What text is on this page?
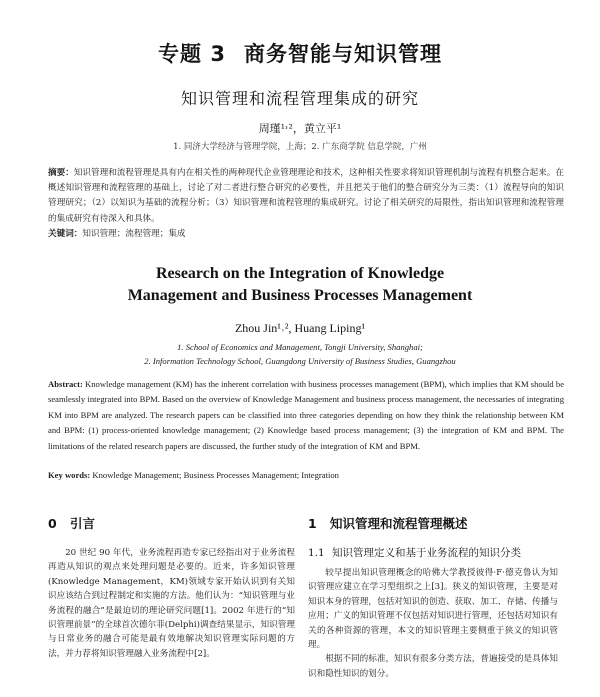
专题 3 商务智能与知识管理
知识管理和流程管理集成的研究
周瑾¹˒²，黄立平¹
1. 同济大学经济与管理学院，上海；2. 广东商学院 信息学院，广州
摘要：知识管理和流程管理是具有内在相关性的两种现代企业管理理论和技术，这种相关性要求将知识管理机制与流程有机整合起来。在概述知识管理和流程管理的基础上，讨论了对二者进行整合研究的必要性，并且把关于他们的整合研究分为三类：（1）流程导向的知识管理研究；（2）以知识为基础的流程分析；（3）知识管理和流程管理的集成研究。讨论了相关研究的局限性，指出知识管理和流程管理的集成研究有待深入和具体。
关键词：知识管理；流程管理；集成
Research on the Integration of Knowledge
Management and Business Processes Management
Zhou Jin¹˒², Huang Liping¹
1. School of Economics and Management, Tongji University, Shanghai;
2. Information Technology School, Guangdong University of Business Studies, Guangzhou
Abstract: Knowledge management (KM) has the inherent correlation with business processes management (BPM), which implies that KM should be seamlessly integrated into BPM. Based on the overview of Knowledge Management and business process management, the necessaries of integrating KM into BPM are analyzed. The research papers can be classified into three categories depending on how they think the relationship between KM and BPM: (1) process-oriented knowledge management; (2) Knowledge based process management; (3) the integration of KM and BPM. The limitations of the related research papers are discussed, the further study of the integration of KM and BPM.
Key words: Knowledge Management; Business Processes Management; Integration
0 引言

20 世纪 90 年代，业务流程再造专家已经指出对于业务流程再造从知识的观点来处理问题是必要的。近来，许多知识管理(Knowledge Management，KM)领域专家开始认识到有关知识应该结合到过程制定和实施的方法。他们认为：“知识管理与业务流程的融合”是最迫切的理论研究问题[1]。2002 年进行的“知识管理前景”的全球首次德尔菲(Delphi)调查结果显示，知识管理与日常业务的融合可能是最有效地解决知识管理实际问题的方法，并力荐将知识管理融入业务流程中[2]。

1 知识管理和流程管理概述
1.1 知识管理定义和基于业务流程的知识分类

较早提出知识管理概念的哈佛大学教授彼得·F·德克鲁认为知识管理应建立在学习型组织之上[3]。狭义的知识管理，主要是对知识本身的管理，包括对知识的创造、获取、加工、存储、传播与应用；广义的知识管理不仅包括对知识进行管理，还包括对知识有关的各种资源的管理，本文的知识管理主要侧重于狭义的知识管理。

根据不同的标准，知识有很多分类方法，普遍接受的是具体知识和隐性知识的划分。
